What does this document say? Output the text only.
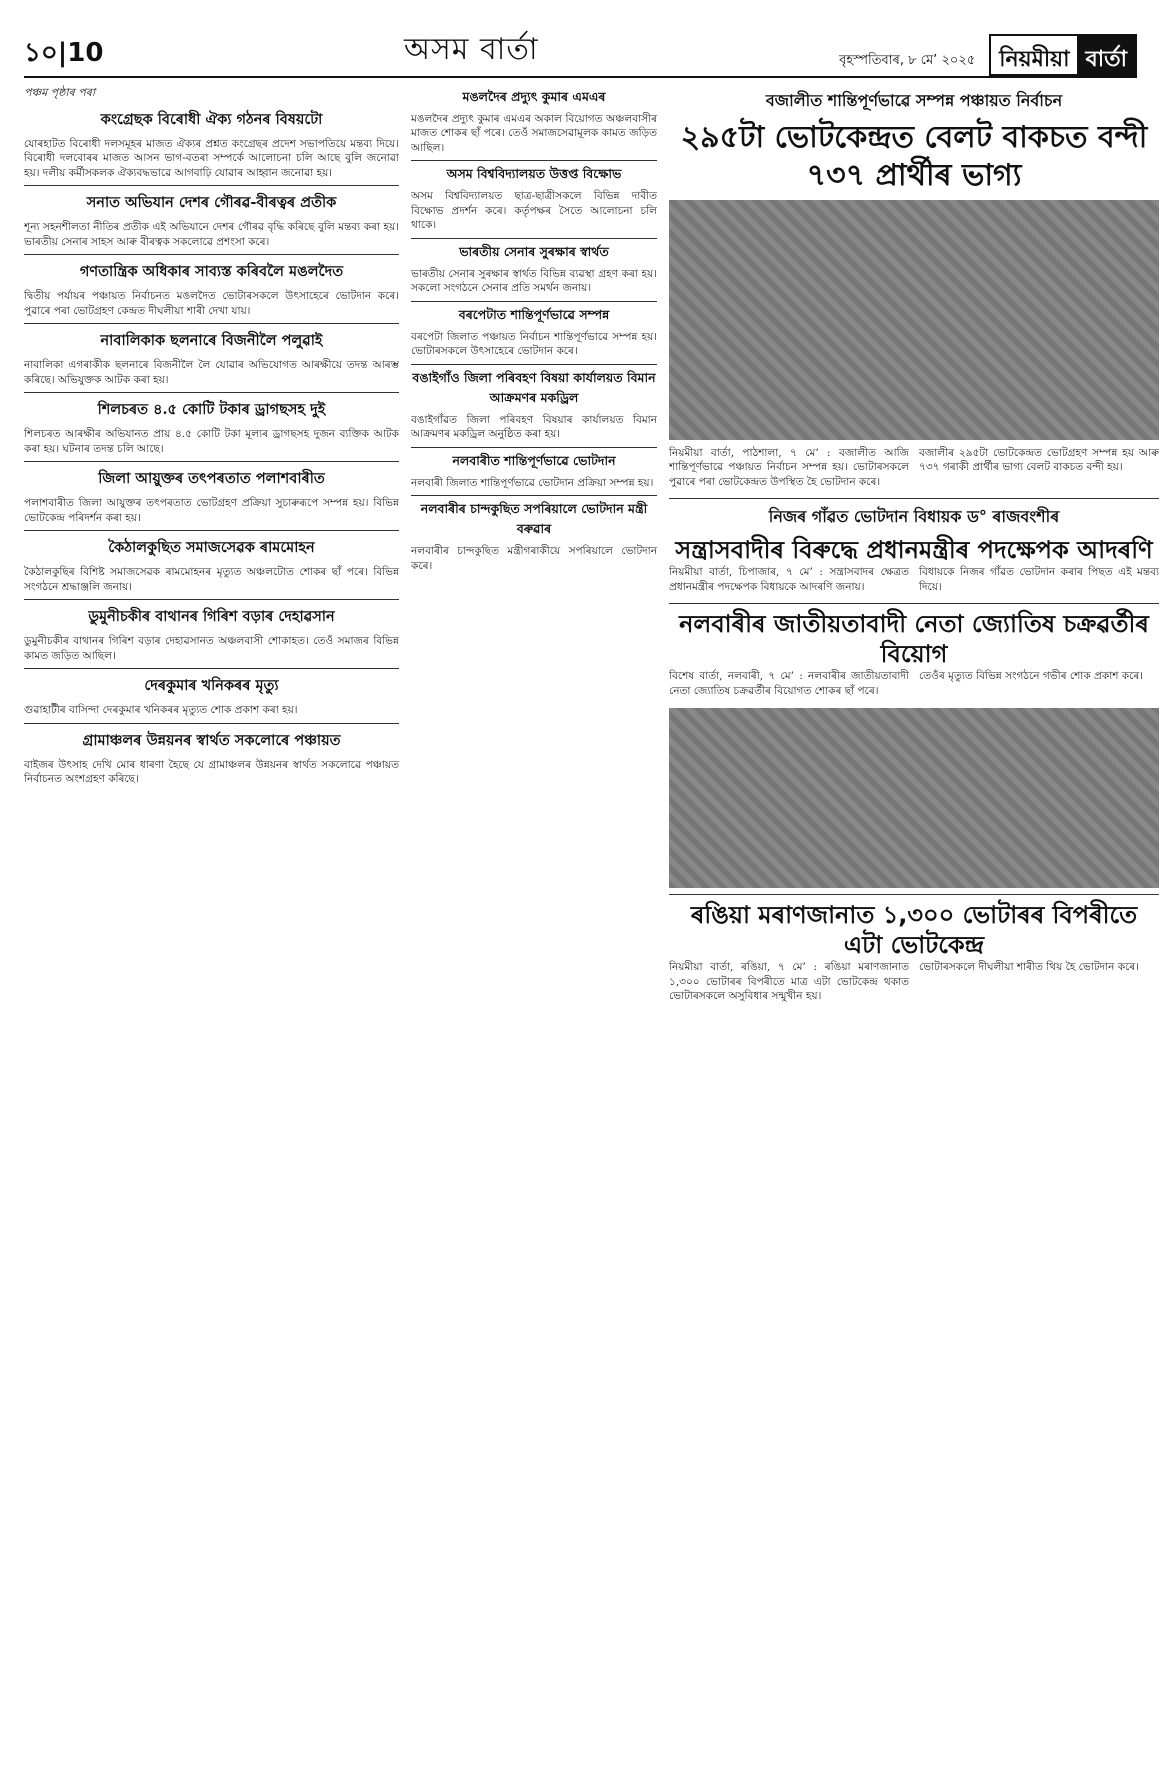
১০|10	অসম বাৰ্তা	বৃহস্পতিবাৰ, ৮ মে’ ২০২৫	নিয়মীয়া বাৰ্তা
পঞ্চম পৃষ্ঠাৰ পৰা
কংগ্ৰেছক বিৰোধী ঐক্য গঠনৰ বিষয়টো

যোৰহাটত বিৰোধী দলসমূহৰ মাজত ঐক্যৰ প্ৰশ্নত কংগ্ৰেছৰ প্ৰদেশ সভাপতিয়ে মন্তব্য দিয়ে। বিৰোধী দলবোৰৰ মাজত আসন ভাগ-বতৰা সম্পৰ্কে আলোচনা চলি আছে বুলি জনোৱা হয়। দলীয় কৰ্মীসকলক ঐক্যবদ্ধভাৱে আগবাঢ়ি যোৱাৰ আহ্বান জনোৱা হয়।

সনাত অভিযান দেশৰ গৌৰৱ-বীৰত্বৰ প্ৰতীক

শূন্য সহনশীলতা নীতিৰ প্ৰতীক এই অভিযানে দেশৰ গৌৰৱ বৃদ্ধি কৰিছে বুলি মন্তব্য কৰা হয়। ভাৰতীয় সেনাৰ সাহস আৰু বীৰত্বক সকলোৱে প্ৰশংসা কৰে।

গণতান্ত্ৰিক অধিকাৰ সাব্যস্ত কৰিবলৈ মঙলদৈত

দ্বিতীয় পৰ্যায়ৰ পঞ্চায়ত নিৰ্বাচনত মঙলদৈত ভোটাৰসকলে উৎসাহেৰে ভোটদান কৰে। পুৱাৰে পৰা ভোটগ্ৰহণ কেন্দ্ৰত দীঘলীয়া শাৰী দেখা যায়।

নাবালিকাক ছলনাৰে বিজনীলৈ পলুৱাই

নাবালিকা এগৰাকীক ছলনাৰে বিজনীলৈ লৈ যোৱাৰ অভিযোগত আৰক্ষীয়ে তদন্ত আৰম্ভ কৰিছে। অভিযুক্তক আটক কৰা হয়।

শিলচৰত ৪.৫ কোটি টকাৰ ড্ৰাগছসহ দুই

শিলচৰত আৰক্ষীৰ অভিযানত প্ৰায় ৪.৫ কোটি টকা মূল্যৰ ড্ৰাগছসহ দুজন ব্যক্তিক আটক কৰা হয়। ঘটনাৰ তদন্ত চলি আছে।

জিলা আয়ুক্তৰ তৎপৰতাত পলাশবাৰীত

পলাশবাৰীত জিলা আয়ুক্তৰ তৎপৰতাত ভোটগ্ৰহণ প্ৰক্ৰিয়া সুচাৰুৰূপে সম্পন্ন হয়। বিভিন্ন ভোটকেন্দ্ৰ পৰিদৰ্শন কৰা হয়।

কৈঠালকুছিত সমাজসেৱক ৰামমোহন

কৈঠালকুছিৰ বিশিষ্ট সমাজসেৱক ৰামমোহনৰ মৃত্যুত অঞ্চলটোত শোকৰ ছাঁ পৰে। বিভিন্ন সংগঠনে শ্ৰদ্ধাঞ্জলি জনায়।

ডুমুনীচকীৰ বাথানৰ গিৰিশ বড়াৰ দেহাৱসান

ডুমুনীচকীৰ বাথানৰ গিৰিশ বড়াৰ দেহাৱসানত অঞ্চলবাসী শোকাহত। তেওঁ সমাজৰ বিভিন্ন কামত জড়িত আছিল।

দেৰকুমাৰ খনিকৰৰ মৃত্যু

গুৱাহাটীৰ বাসিন্দা দেৰকুমাৰ খনিকৰৰ মৃত্যুত শোক প্ৰকাশ কৰা হয়।

গ্ৰামাঞ্চলৰ উন্নয়নৰ স্বাৰ্থত সকলোৰে পঞ্চায়ত

বাইজৰ উৎসাহ দেখি মোৰ ধাৰণা হৈছে যে গ্ৰামাঞ্চলৰ উন্নয়নৰ স্বাৰ্থত সকলোৱে পঞ্চায়ত নিৰ্বাচনত অংশগ্ৰহণ কৰিছে।

মঙলদৈৰ প্ৰদ্যুৎ কুমাৰ এমএৰ

মঙলদৈৰ প্ৰদ্যুৎ কুমাৰ এমএৰ অকাল বিয়োগত অঞ্চলবাসীৰ মাজত শোকৰ ছাঁ পৰে। তেওঁ সমাজসেৱামূলক কামত জড়িত আছিল।

অসম বিশ্ববিদ্যালয়ত উত্তপ্ত বিক্ষোভ

অসম বিশ্ববিদ্যালয়ত ছাত্ৰ-ছাত্ৰীসকলে বিভিন্ন দাবীত বিক্ষোভ প্ৰদৰ্শন কৰে। কৰ্তৃপক্ষৰ সৈতে আলোচনা চলি থাকে।

ভাৰতীয় সেনাৰ সুৰক্ষাৰ স্বাৰ্থত

ভাৰতীয় সেনাৰ সুৰক্ষাৰ স্বাৰ্থত বিভিন্ন ব্যৱস্থা গ্ৰহণ কৰা হয়। সকলো সংগঠনে সেনাৰ প্ৰতি সমৰ্থন জনায়।

বৰপেটাত শান্তিপূৰ্ণভাৱে সম্পন্ন

বৰপেটা জিলাত পঞ্চায়ত নিৰ্বাচন শান্তিপূৰ্ণভাৱে সম্পন্ন হয়। ভোটাৰসকলে উৎসাহেৰে ভোটদান কৰে।

বঙাইগাঁও জিলা পৰিবহণ বিষয়া কাৰ্যালয়ত বিমান আক্ৰমণৰ মকড্ৰিল

বঙাইগাঁৱত জিলা পৰিবহণ বিষয়াৰ কাৰ্যালয়ত বিমান আক্ৰমণৰ মকড্ৰিল অনুষ্ঠিত কৰা হয়।

নলবাৰীত শান্তিপূৰ্ণভাৱে ভোটদান

নলবাৰী জিলাত শান্তিপূৰ্ণভাৱে ভোটদান প্ৰক্ৰিয়া সম্পন্ন হয়।

নলবাৰীৰ চান্দকুছিত সপৰিয়ালে ভোটদান মন্ত্ৰী বৰুৱাৰ

নলবাৰীৰ চান্দকুছিত মন্ত্ৰীগৰাকীয়ে সপৰিয়ালে ভোটদান কৰে।

বজালীত শান্তিপূৰ্ণভাৱে সম্পন্ন পঞ্চায়ত নিৰ্বাচন
২৯৫টা ভোটকেন্দ্ৰত বেলট বাকচত বন্দী ৭৩৭ প্ৰাৰ্থীৰ ভাগ্য

নিয়মীয়া বাৰ্তা, পাঠশালা, ৭ মে’ : বজালীত আজি শান্তিপূৰ্ণভাৱে পঞ্চায়ত নিৰ্বাচন সম্পন্ন হয়। ভোটাৰসকলে পুৱাৰে পৰা ভোটকেন্দ্ৰত উপস্থিত হৈ ভোটদান কৰে।

বজালীৰ ২৯৫টা ভোটকেন্দ্ৰত ভোটগ্ৰহণ সম্পন্ন হয় আৰু ৭৩৭ গৰাকী প্ৰাৰ্থীৰ ভাগ্য বেলট বাকচত বন্দী হয়।

নিজৰ গাঁৱত ভোটদান বিধায়ক ড° ৰাজবংশীৰ
সন্ত্ৰাসবাদীৰ বিৰুদ্ধে প্ৰধানমন্ত্ৰীৰ পদক্ষেপক আদৰণি

নিয়মীয়া বাৰ্তা, চিপাজাৰ, ৭ মে’ : সন্ত্ৰাসবাদৰ ক্ষেত্ৰত প্ৰধানমন্ত্ৰীৰ পদক্ষেপক বিধায়কে আদৰণি জনায়।

বিধায়কে নিজৰ গাঁৱত ভোটদান কৰাৰ পিছত এই মন্তব্য দিয়ে।

নলবাৰীৰ জাতীয়তাবাদী নেতা জ্যোতিষ চক্ৰৱৰ্তীৰ বিয়োগ

বিশেষ বাৰ্তা, নলবাৰী, ৭ মে’ : নলবাৰীৰ জাতীয়তাবাদী নেতা জ্যোতিষ চক্ৰৱৰ্তীৰ বিয়োগত শোকৰ ছাঁ পৰে।

তেওঁৰ মৃত্যুত বিভিন্ন সংগঠনে গভীৰ শোক প্ৰকাশ কৰে।

ৰঙিয়া মৰাণজানাত ১,৩০০ ভোটাৰৰ বিপৰীতে এটা ভোটকেন্দ্ৰ

নিয়মীয়া বাৰ্তা, ৰঙিয়া, ৭ মে’ : ৰঙিয়া মৰাণজানাত ১,৩০০ ভোটাৰৰ বিপৰীতে মাত্ৰ এটা ভোটকেন্দ্ৰ থকাত ভোটাৰসকলে অসুবিধাৰ সন্মুখীন হয়।

ভোটাৰসকলে দীঘলীয়া শাৰীত থিয় হৈ ভোটদান কৰে।
